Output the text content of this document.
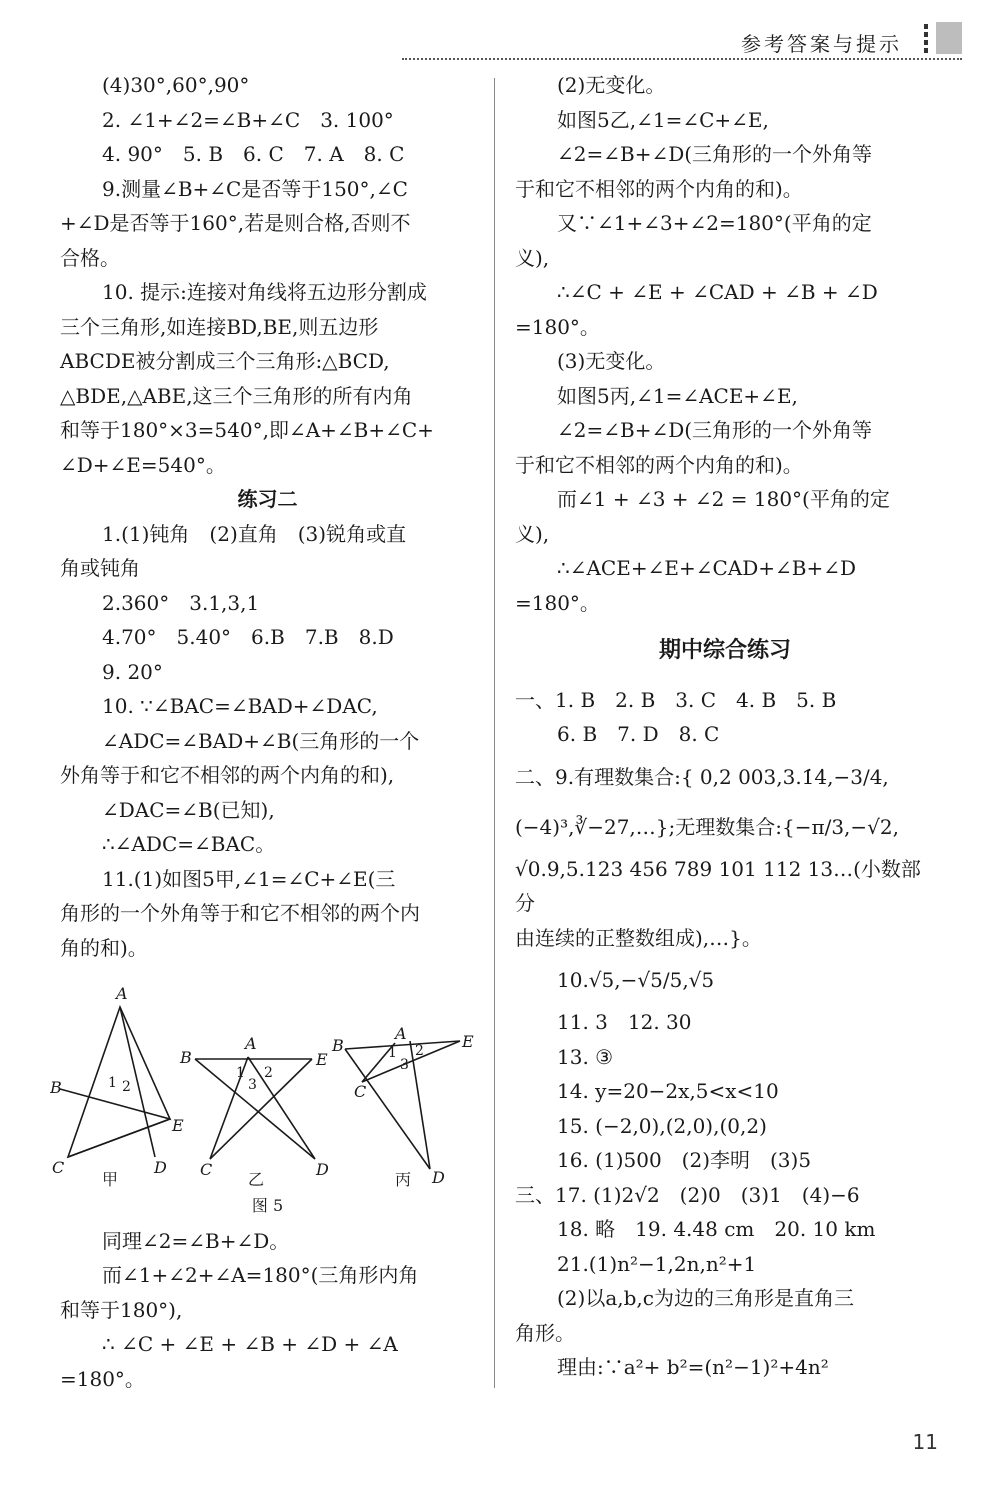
参考答案与提示

(4)30°,60°,90°

2. ∠1+∠2=∠B+∠C　3. 100°

4. 90°　5. B　6. C　7. A　8. C

9.测量∠B+∠C是否等于150°,∠C

+∠D是否等于160°,若是则合格,否则不

合格。

10. 提示:连接对角线将五边形分割成

三个三角形,如连接BD,BE,则五边形

ABCDE被分割成三个三角形:△BCD,

△BDE,△ABE,这三个三角形的所有内角

和等于180°×3=540°,即∠A+∠B+∠C+

∠D+∠E=540°。

练习二

1.(1)钝角　(2)直角　(3)锐角或直

角或钝角

2.360°　3.1,3,1

4.70°　5.40°　6.B　7.B　8.D

9. 20°

10. ∵∠BAC=∠BAD+∠DAC,

∠ADC=∠BAD+∠B(三角形的一个

外角等于和它不相邻的两个内角的和),

∠DAC=∠B(已知),

∴∠ADC=∠BAC。

11.(1)如图5甲,∠1=∠C+∠E(三

角形的一个外角等于和它不相邻的两个内

角的和)。

A
B
E
C	D
A
B	E
C	D
A
B	E
C
D
1 2
1 2
3
1 2
3
甲	乙	丙

图 5

同理∠2=∠B+∠D。

而∠1+∠2+∠A=180°(三角形内角

和等于180°),

∴ ∠C + ∠E + ∠B + ∠D + ∠A

=180°。

(2)无变化。

如图5乙,∠1=∠C+∠E,

∠2=∠B+∠D(三角形的一个外角等

于和它不相邻的两个内角的和)。

又∵∠1+∠3+∠2=180°(平角的定

义),

∴∠C + ∠E + ∠CAD + ∠B + ∠D

=180°。

(3)无变化。

如图5丙,∠1=∠ACE+∠E,

∠2=∠B+∠D(三角形的一个外角等

于和它不相邻的两个内角的和)。

而∠1 + ∠3 + ∠2 = 180°(平角的定

义),

∴∠ACE+∠E+∠CAD+∠B+∠D

=180°。

期中综合练习

一、1. B　2. B　3. C　4. B　5. B

6. B　7. D　8. C

二、9.有理数集合:{ 0,2 003,3.1̇4̇,−3/4,

(−4)³,∛−27,…};无理数集合:{−π/3,−√2,

√0.9,5.123 456 789 101 112 13…(小数部分

由连续的正整数组成),…}。

10.√5,−√5/5,√5

11. 3　12. 30

13. ③

14. y=20−2x,5<x<10

15. (−2,0),(2,0),(0,2)

16. (1)500　(2)李明　(3)5

三、17. (1)2√2　(2)0　(3)1　(4)−6

18. 略　19. 4.48 cm　20. 10 km

21.(1)n²−1,2n,n²+1

(2)以a,b,c为边的三角形是直角三

角形。

理由:∵a²+ b²=(n²−1)²+4n²

11
